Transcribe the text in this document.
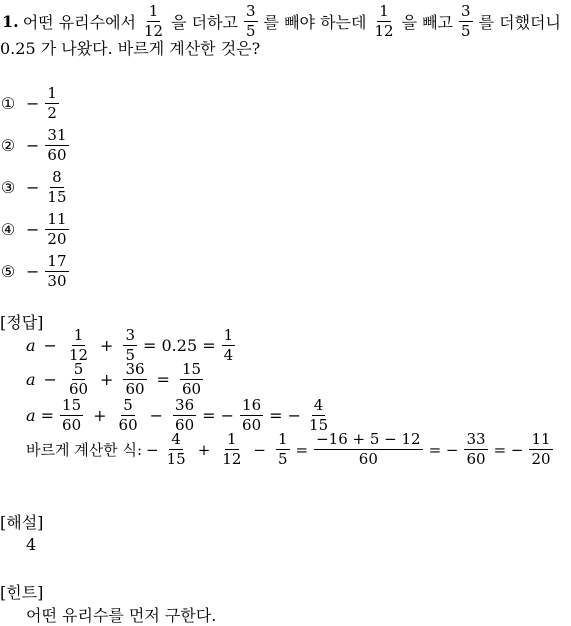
1. 어떤 유리수에서 $\frac{1}{12}$ 을 더하고 $\frac{3}{5}$ 를 빼야 하는데 $\frac{1}{12}$ 을 빼고 $\frac{3}{5}$ 를 더했더니
0.25 가 나왔다. 바르게 계산한 것은?
① − $\frac{1}{2}$
② − $\frac{31}{60}$
③ − $\frac{8}{15}$
④ − $\frac{11}{20}$
⑤ − $\frac{17}{30}$
[정답]
$a - \frac{1}{12} + \frac{3}{5} = 0.25 = \frac{1}{4}$
$a - \frac{5}{60} + \frac{36}{60} = \frac{15}{60}$
$a = \frac{15}{60} + \frac{5}{60} - \frac{36}{60}$ = − $\frac{16}{60}$ = − $\frac{4}{15}$
바르게 계산한 식: − $\frac{4}{15} + \frac{1}{12} - \frac{1}{5} = \frac{-16 + 5 - 12}{60}$ = − $\frac{33}{60}$ = − $\frac{11}{20}$
[해설]
4
[힌트]
어떤 유리수를 먼저 구한다.
